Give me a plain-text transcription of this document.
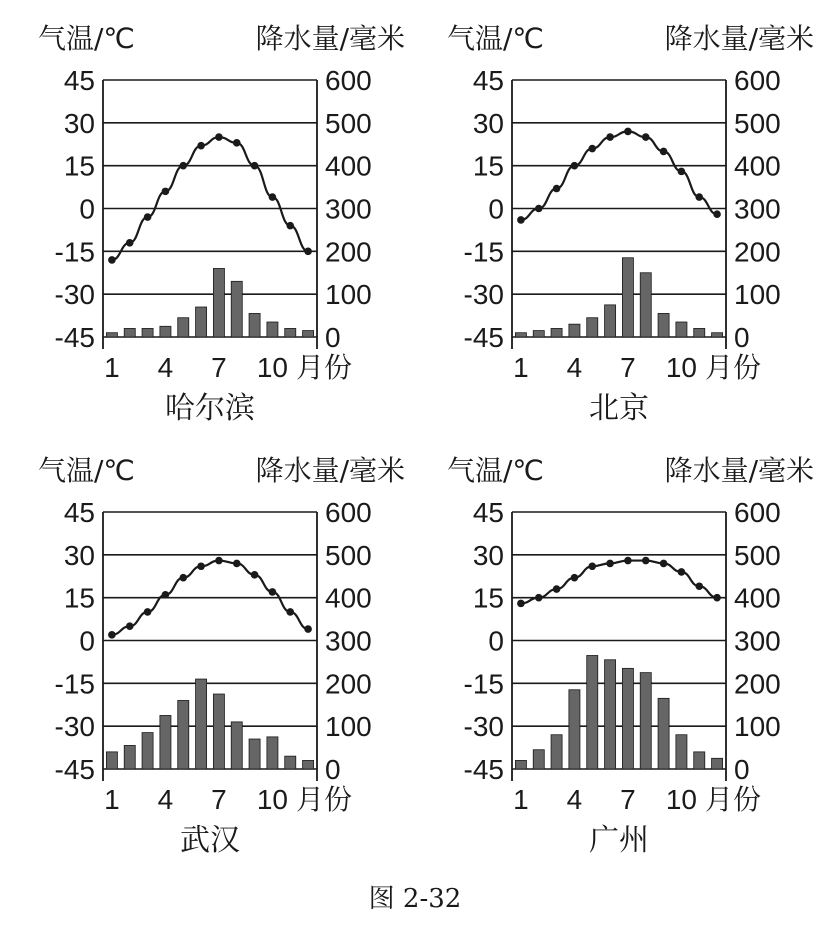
气温/℃	降水量/毫米
45
30
15
0
-15
-30
-45
600
500
400
300
200
100
0
1 4 7 10 月份
哈尔滨
气温/℃	降水量/毫米
45
30
15
0
-15
-30
-45
600
500
400
300
200
100
0
1 4 7 10 月份
北京
气温/℃	降水量/毫米
45
30
15
0
-15
-30
-45
600
500
400
300
200
100
0
1 4 7 10 月份
武汉
气温/℃	降水量/毫米
45
30
15
0
-15
-30
-45
600
500
400
300
200
100
0
1 4 7 10 月份
广州
图 2-32
